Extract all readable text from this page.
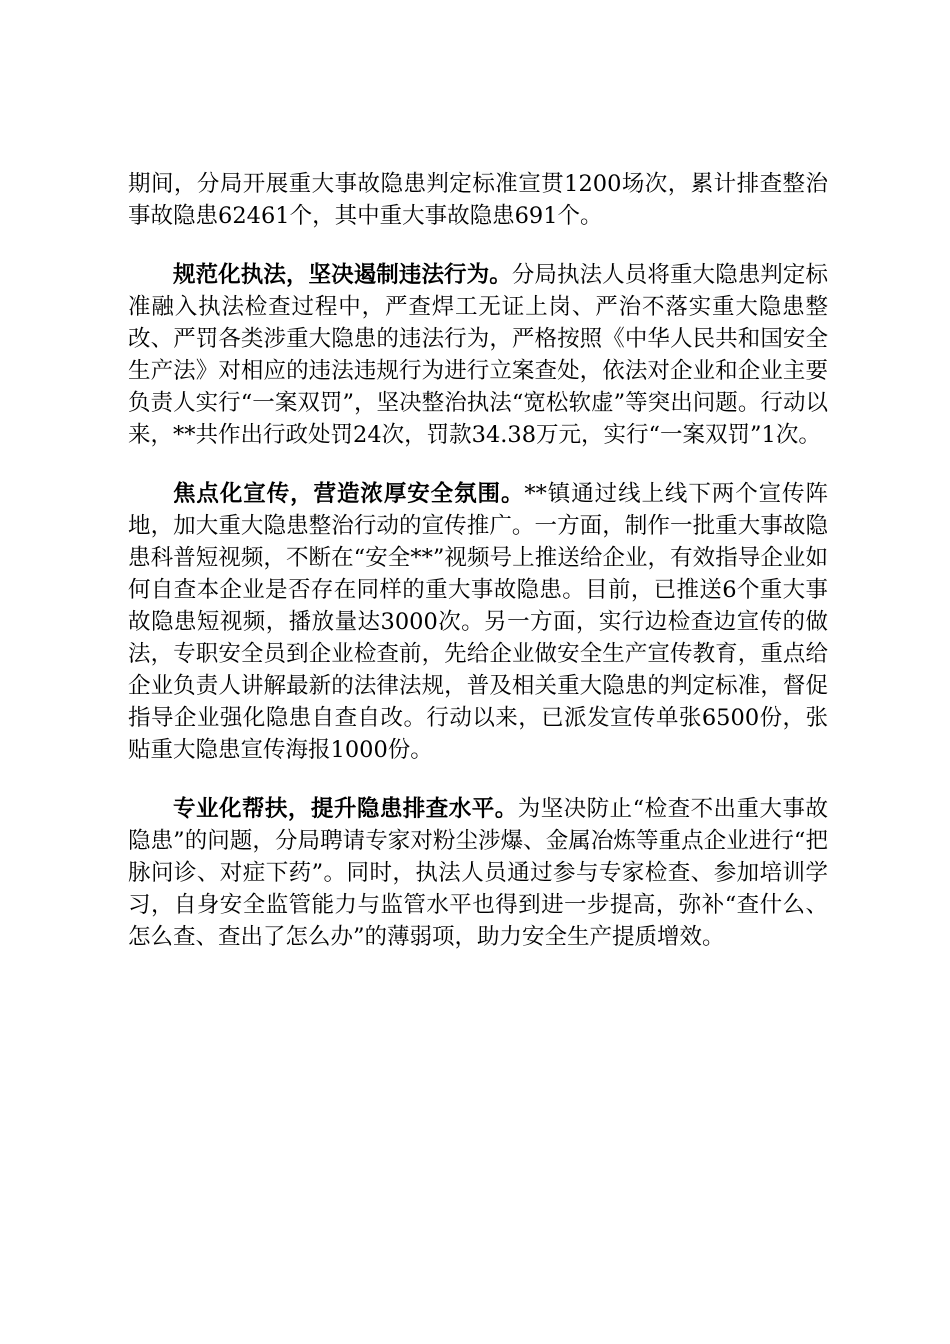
期间，分局开展重大事故隐患判定标准宣贯1200场次，累计排查整治事故隐患62461个，其中重大事故隐患691个。

规范化执法，坚决遏制违法行为。分局执法人员将重大隐患判定标准融入执法检查过程中，严查焊工无证上岗、严治不落实重大隐患整改、严罚各类涉重大隐患的违法行为，严格按照《中华人民共和国安全生产法》对相应的违法违规行为进行立案查处，依法对企业和企业主要负责人实行“一案双罚”，坚决整治执法“宽松软虚”等突出问题。行动以来，**共作出行政处罚24次，罚款34.38万元，实行“一案双罚”1次。

焦点化宣传，营造浓厚安全氛围。**镇通过线上线下两个宣传阵地，加大重大隐患整治行动的宣传推广。一方面，制作一批重大事故隐患科普短视频，不断在“安全**”视频号上推送给企业，有效指导企业如何自查本企业是否存在同样的重大事故隐患。目前，已推送6个重大事故隐患短视频，播放量达3000次。另一方面，实行边检查边宣传的做法，专职安全员到企业检查前，先给企业做安全生产宣传教育，重点给企业负责人讲解最新的法律法规，普及相关重大隐患的判定标准，督促指导企业强化隐患自查自改。行动以来，已派发宣传单张6500份，张贴重大隐患宣传海报1000份。

专业化帮扶，提升隐患排查水平。为坚决防止“检查不出重大事故隐患”的问题，分局聘请专家对粉尘涉爆、金属冶炼等重点企业进行“把脉问诊、对症下药”。同时，执法人员通过参与专家检查、参加培训学习，自身安全监管能力与监管水平也得到进一步提高，弥补“查什么、怎么查、查出了怎么办”的薄弱项，助力安全生产提质增效。
